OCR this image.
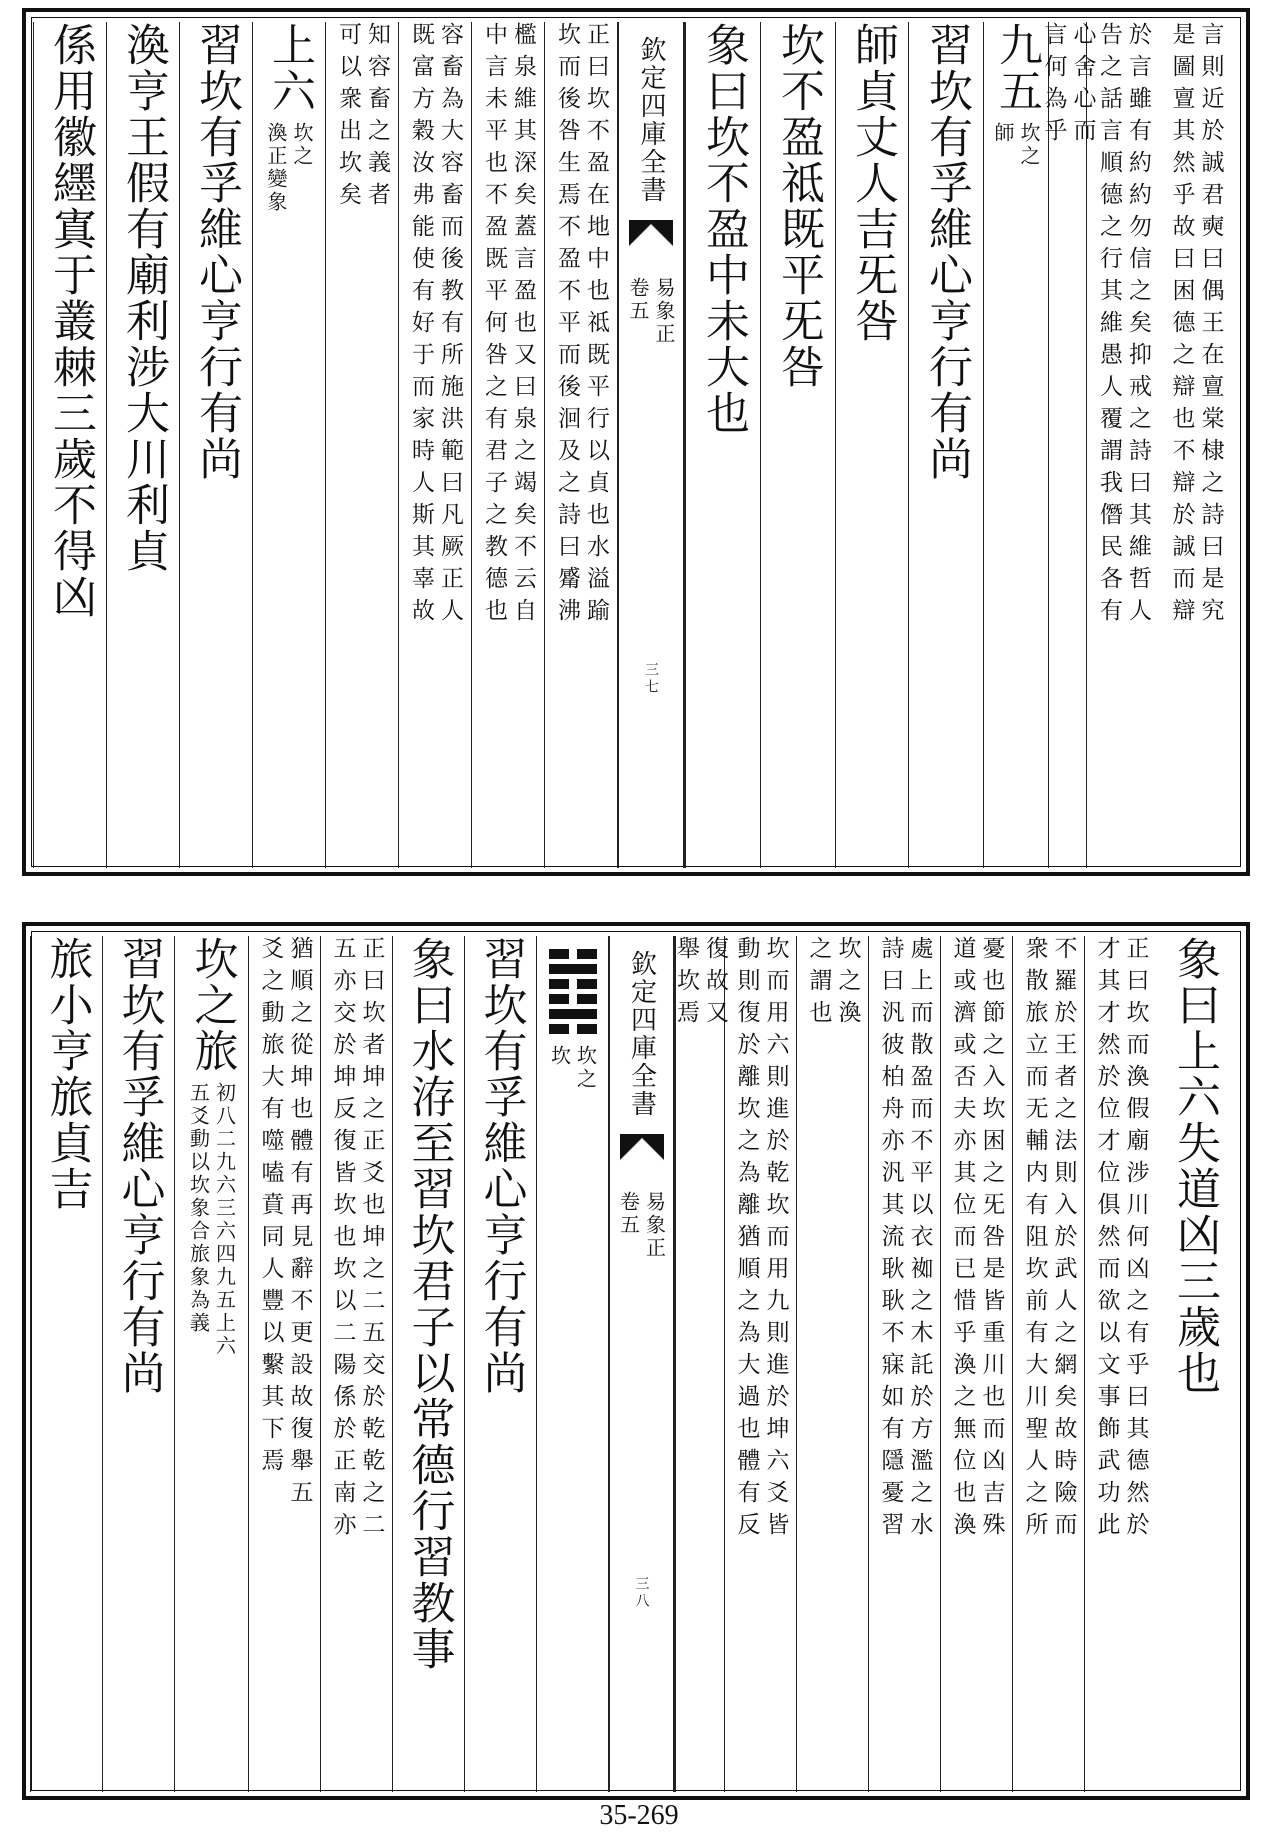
言則近於誠君奭曰偶王在亶棠棣之詩曰是究
是圖亶其然乎故曰困德之辯也不辯於誠而辯
於言雖有約約勿信之矣抑戒之詩曰其維哲人
告之話言順德之行其維愚人覆謂我僭民各有
心舍心而
言何為乎
九五
坎之
師
習坎有孚維心亨行有尚
師貞丈人吉旡咎
坎不盈祗既平旡咎
象曰坎不盈中未大也
欽定四庫全書
易象正
卷五
三七
正曰坎不盈在地中也祗既平行以貞也水溢踰
坎而後咎生焉不盈不平而後洄及之詩曰觱沸
檻泉維其深矣蓋言盈也又曰泉之竭矣不云自
中言未平也不盈既平何咎之有君子之教德也
容畜為大容畜而後教有所施洪範曰凡厥正人
既富方穀汝弗能使有好于而家時人斯其辜故
知容畜之義者
可以衆出坎矣
上六
坎之
渙正變象
習坎有孚維心亨行有尚
渙亨王假有廟利涉大川利貞
係用徽纆寘于叢棘三歲不得凶
象曰上六失道凶三歲也
正曰坎而渙假廟涉川何凶之有乎曰其德然於
才其才然於位才位俱然而欲以文事飾武功此
不羅於王者之法則入於武人之網矣故時險而
衆散旅立而无輔内有阻坎前有大川聖人之所
憂也節之入坎困之旡咎是皆重川也而凶吉殊
道或濟或否夫亦其位而已惜乎渙之無位也渙
處上而散盈而不平以衣袽之木託於方濫之水
詩曰汎彼柏舟亦汎其流耿耿不寐如有隱憂習
坎之渙
之謂也
坎而用六則進於乾坎而用九則進於坤六爻皆
動則復於離坎之為離猶順之為大過也體有反
復故又
舉坎焉
欽定四庫全書
易象正
卷五
三八
坎之
坎
習坎有孚維心亨行有尚
象曰水洊至習坎君子以常德行習教事
正曰坎者坤之正爻也坤之二五交於乾乾之二
五亦交於坤反復皆坎也坎以二陽係於正南亦
猶順之從坤也體有再見辭不更設故復舉五
爻之動旅大有噬嗑賁同人豐以繫其下焉
坎之旅
初八二九六三六四九五上六
五爻動以坎象合旅象為義
習坎有孚維心亨行有尚
旅小亨旅貞吉
35-269
